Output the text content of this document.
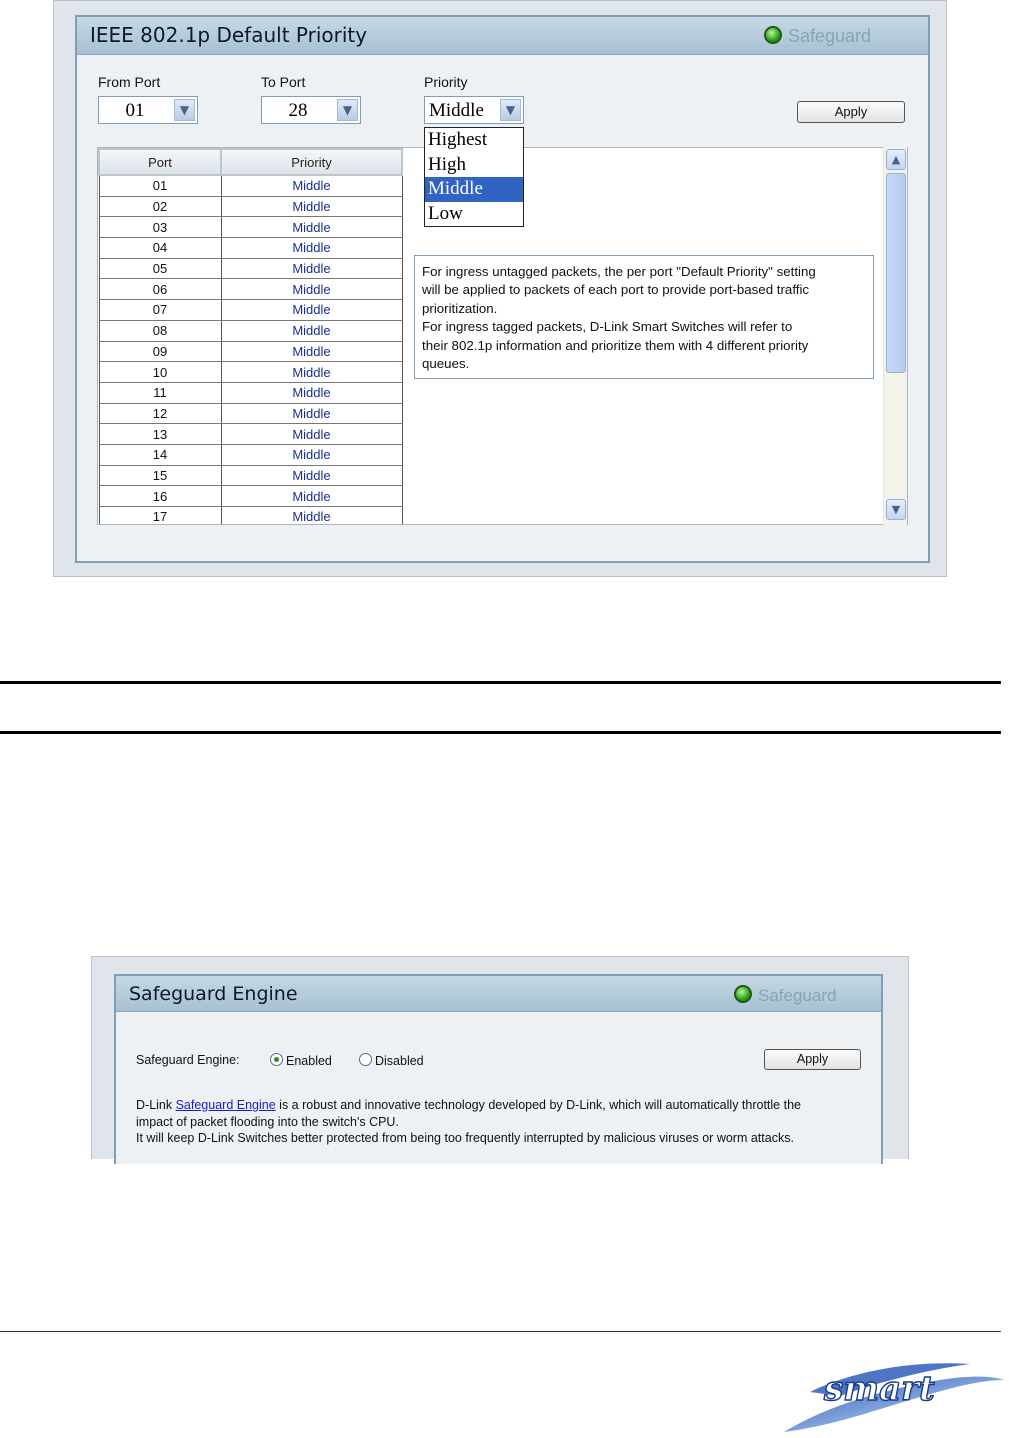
IEEE 802.1p Default Priority	Safeguard
From Port
01	▼
To Port
28	▼
Priority
Middle	▼	Apply
Port	Priority
01	Middle
02	Middle
03	Middle
04	Middle
05	Middle
06	Middle
07	Middle
08	Middle
09	Middle
10	Middle
11	Middle
12	Middle
13	Middle
14	Middle
15	Middle
16	Middle
17	Middle
For ingress untagged packets, the per port "Default Priority" setting
will be applied to packets of each port to provide port-based traffic
prioritization.
For ingress tagged packets, D-Link Smart Switches will refer to
their 802.1p information and prioritize them with 4 different priority
queues.
▲
▼
Highest
High
Middle
Low
Safeguard Engine	Safeguard
Safeguard Engine:	Enabled	Disabled	Apply
D-Link Safeguard Engine is a robust and innovative technology developed by D-Link, which will automatically throttle the
impact of packet flooding into the switch's CPU.
It will keep D-Link Switches better protected from being too frequently interrupted by malicious viruses or worm attacks.
smart
